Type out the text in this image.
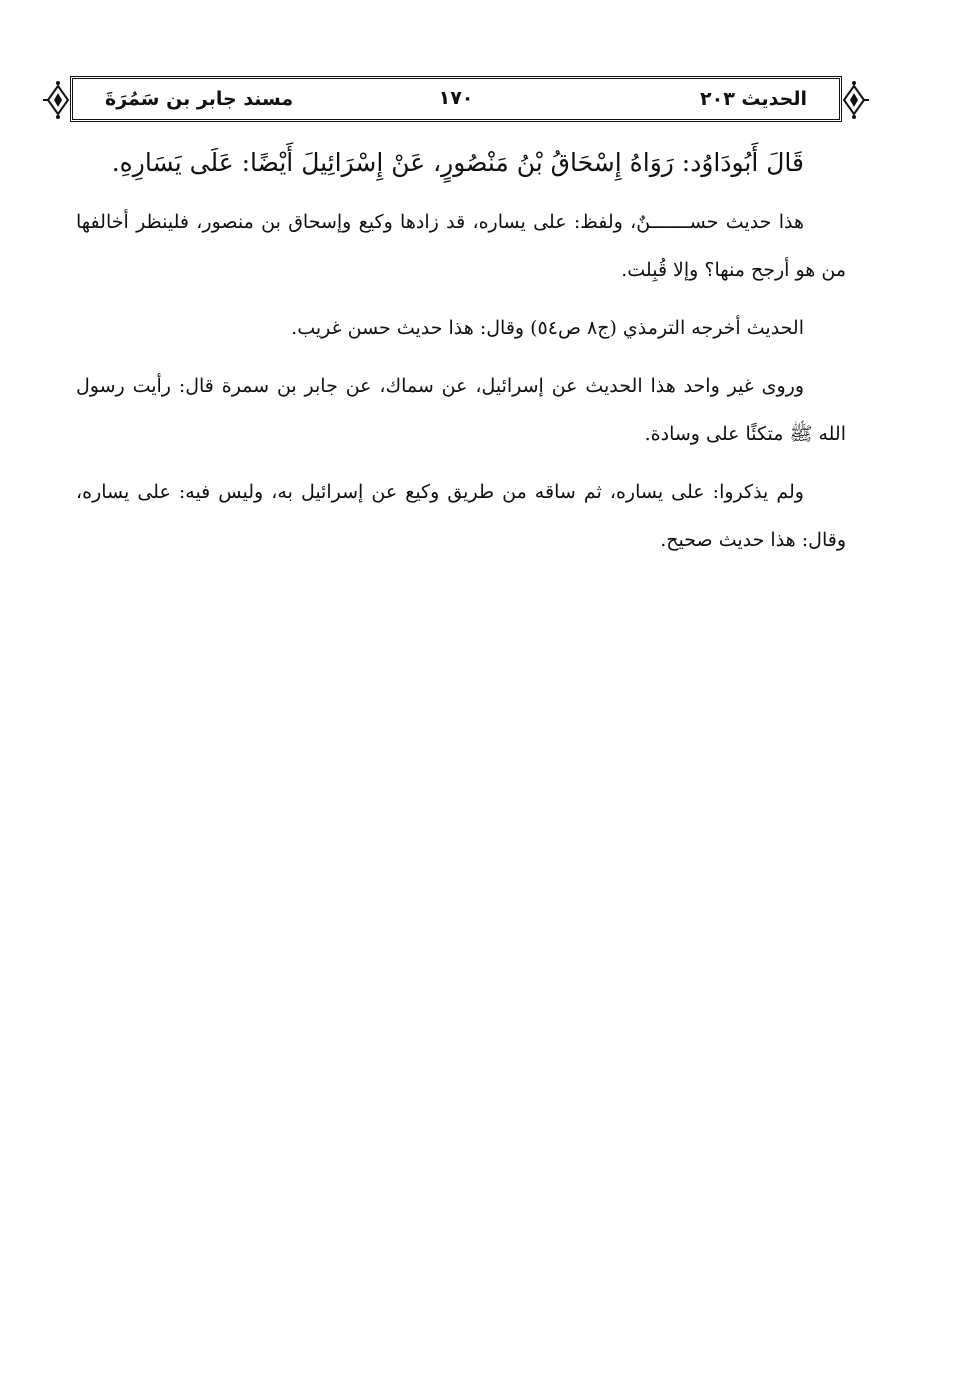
الحديث ٢٠٣
١٧٠
مسند جابر بن سَمُرَةَ

قَالَ أَبُودَاوُد: رَوَاهُ إِسْحَاقُ بْنُ مَنْصُورٍ، عَنْ إِسْرَائِيلَ أَيْضًا: عَلَى يَسَارِهِ.

هذا حديث حســـــــنٌ، ولفظ: على يساره، قد زادها وكيع وإسحاق بن منصور، فلينظر أخالفها من هو أرجح منها؟ وإلا قُبِلت.

الحديث أخرجه الترمذي (ج٨ ص٥٤) وقال: هذا حديث حسن غريب.

وروى غير واحد هذا الحديث عن إسرائيل، عن سماك، عن جابر بن سمرة قال: رأيت رسول الله ﷺ متكئًا على وسادة.

ولم يذكروا: على يساره، ثم ساقه من طريق وكيع عن إسرائيل به، وليس فيه: على يساره، وقال: هذا حديث صحيح.
